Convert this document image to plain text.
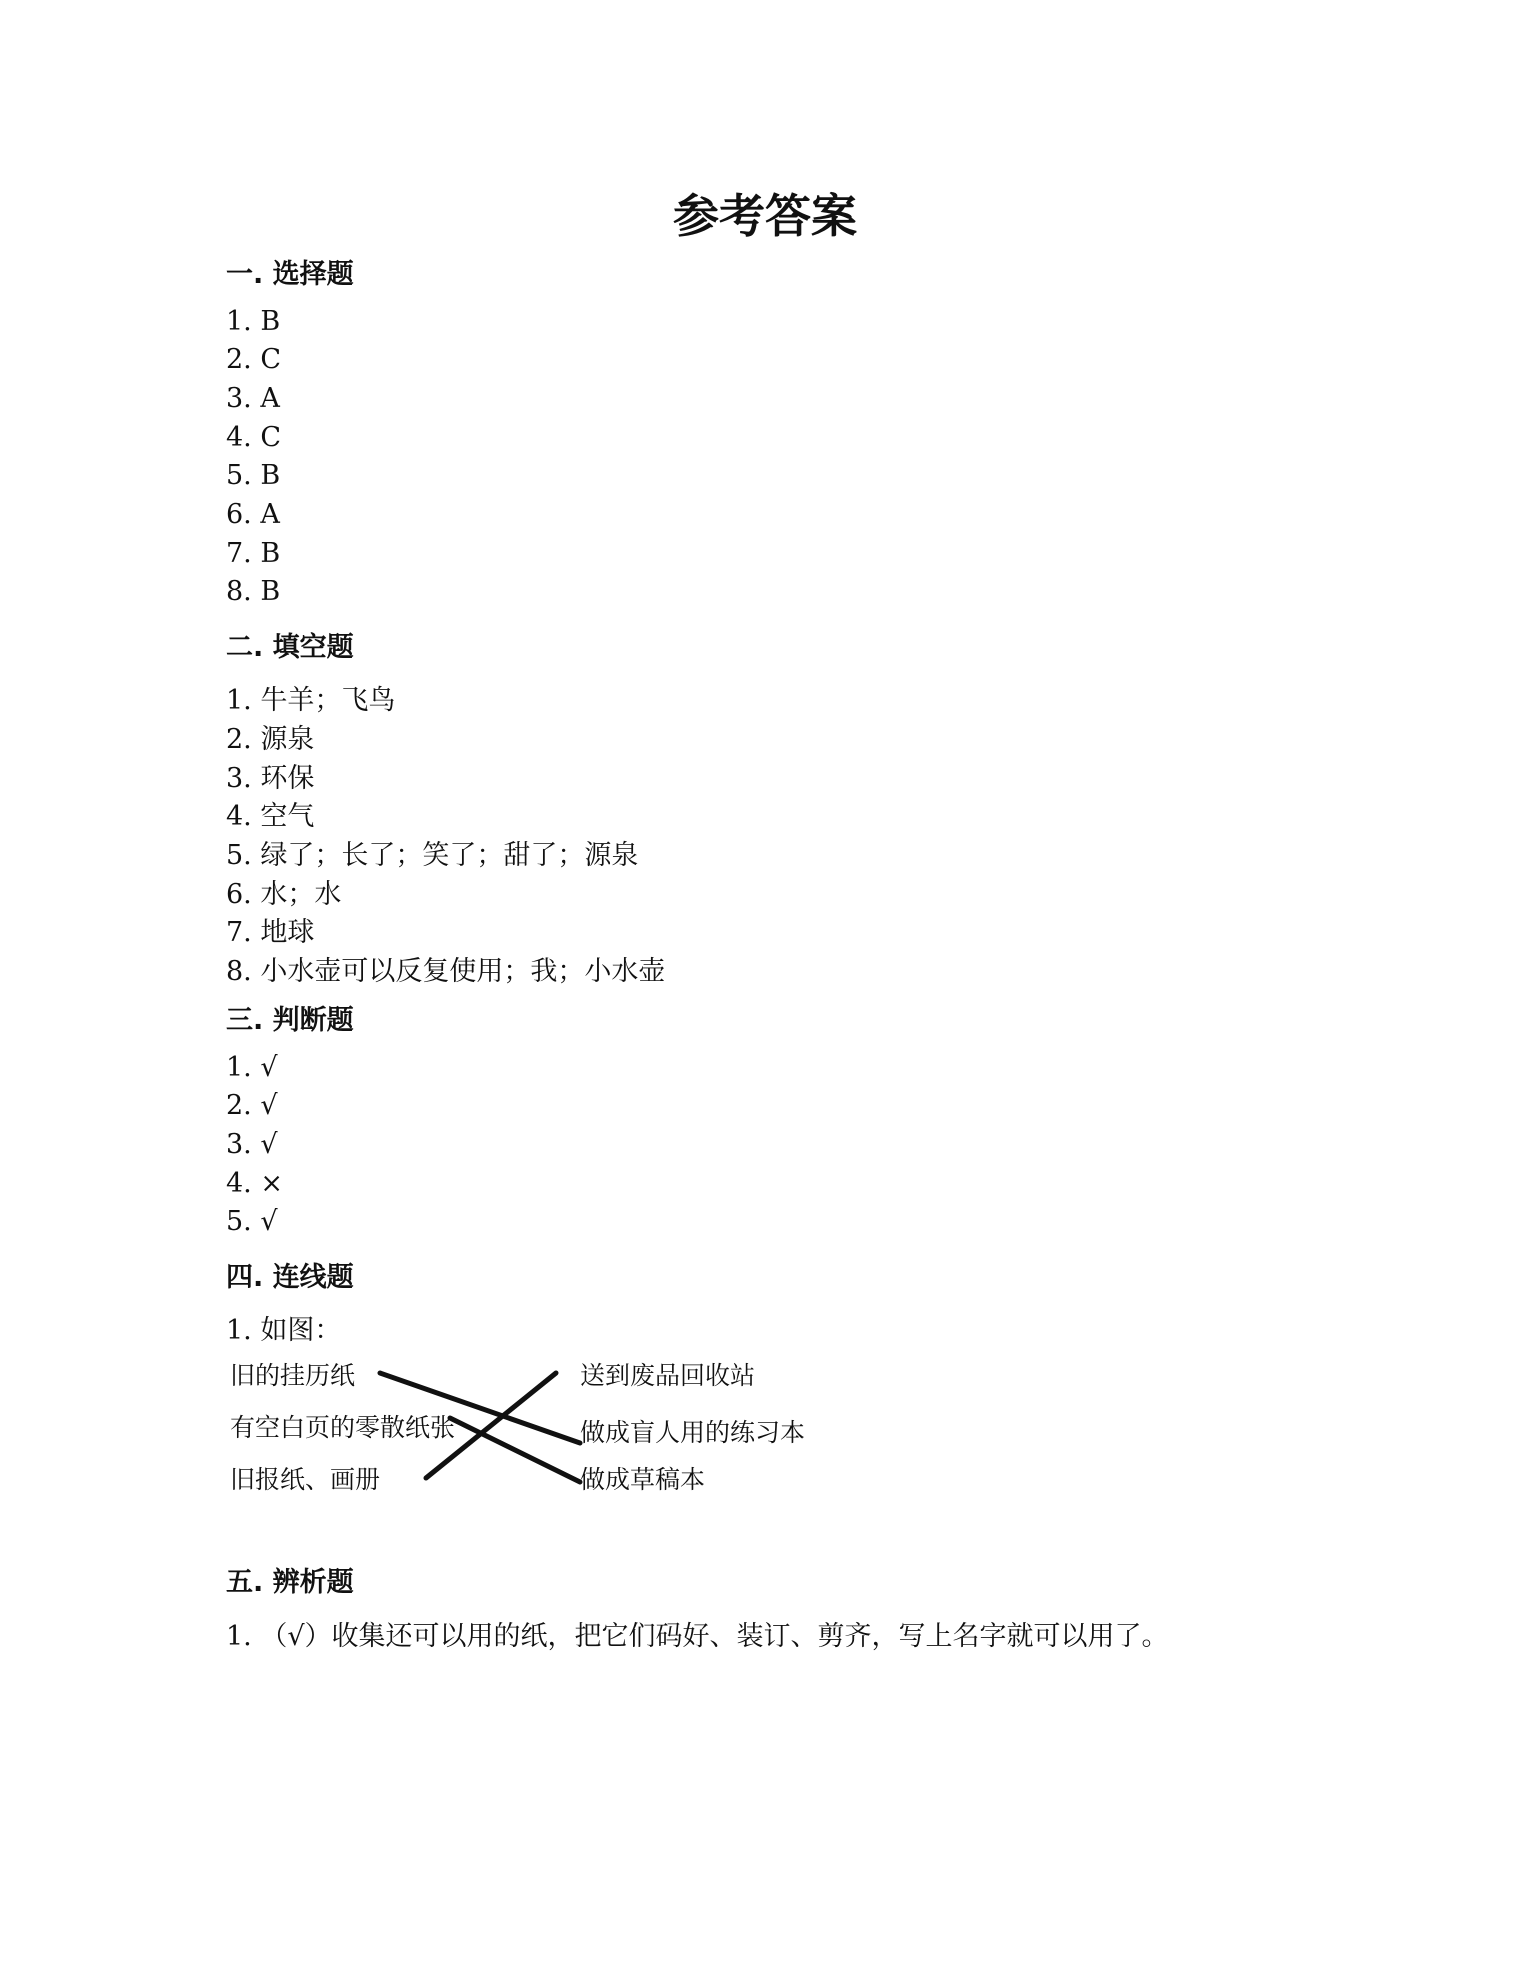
参考答案
一. 选择题
1. B
2. C
3. A
4. C
5. B
6. A
7. B
8. B
二. 填空题
1. 牛羊；飞鸟
2. 源泉
3. 环保
4. 空气
5. 绿了；长了；笑了；甜了；源泉
6. 水；水
7. 地球
8. 小水壶可以反复使用；我；小水壶
三. 判断题
1. √
2. √
3. √
4. ×
5. √
四. 连线题
1. 如图：
旧的挂历纸
有空白页的零散纸张
旧报纸、画册
送到废品回收站
做成盲人用的练习本
做成草稿本
五. 辨析题
1. （√）收集还可以用的纸，把它们码好、装订、剪齐，写上名字就可以用了。
